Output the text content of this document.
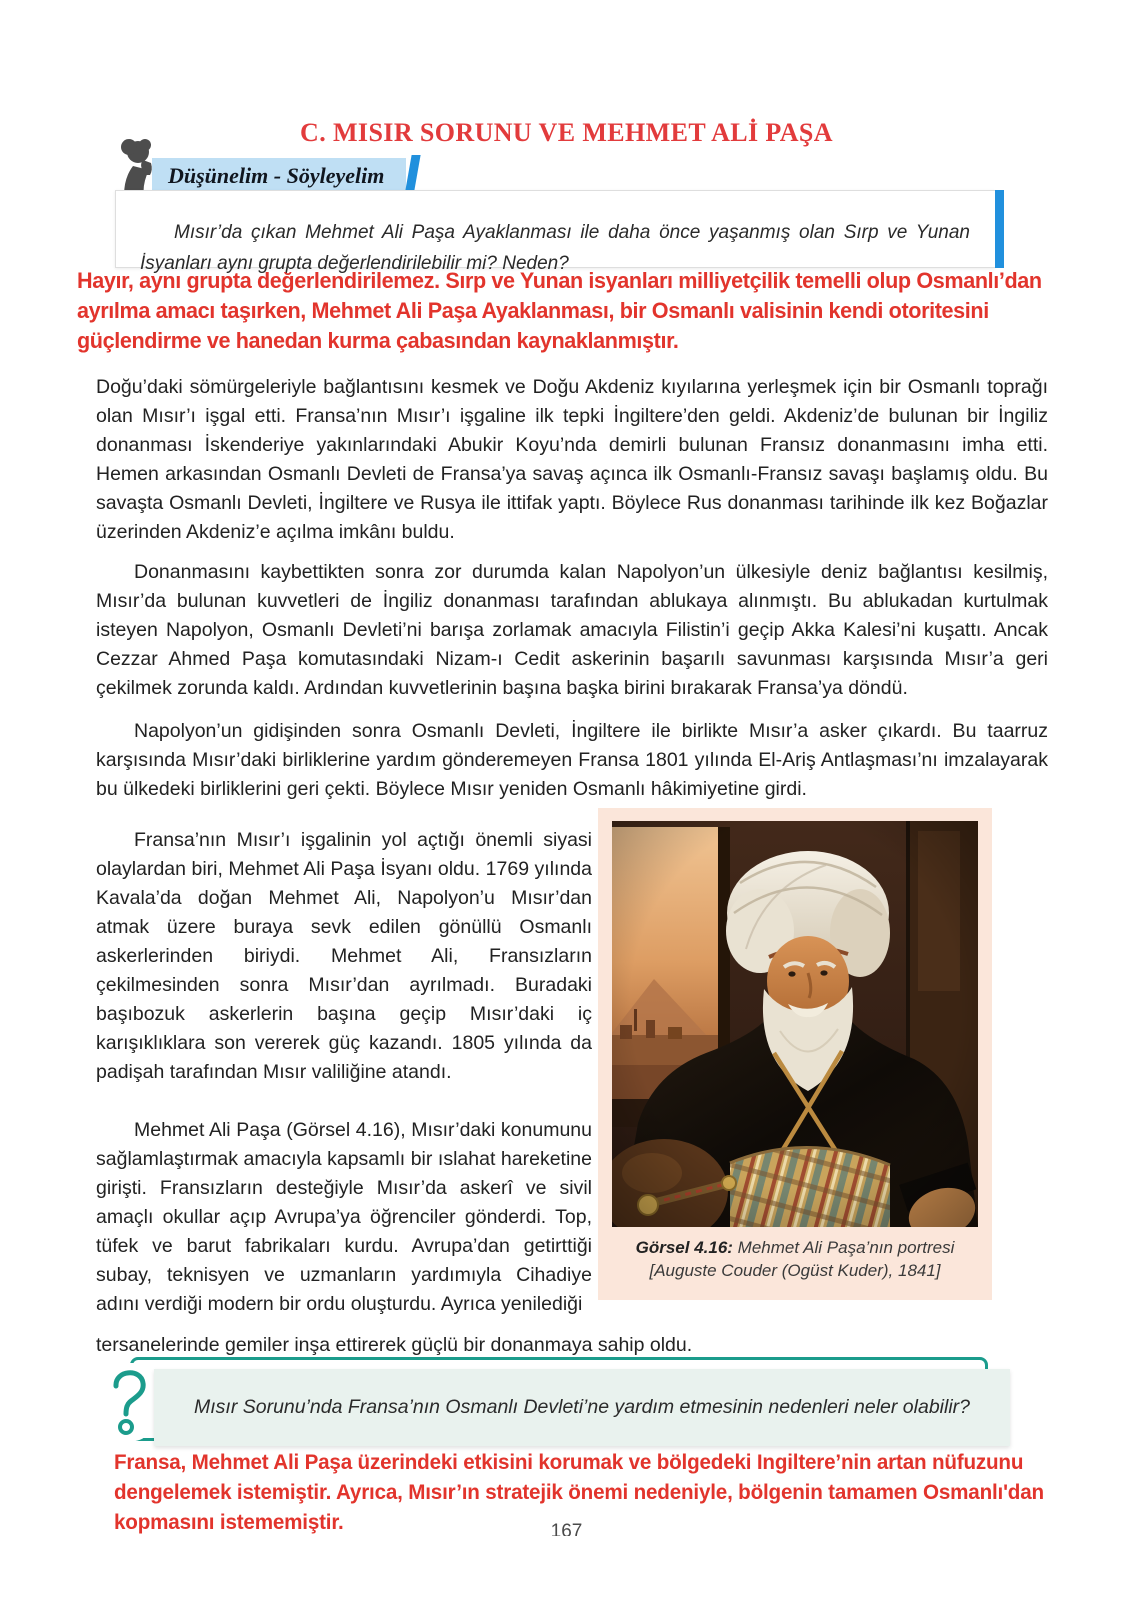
C. MISIR SORUNU VE MEHMET ALİ PAŞA
Düşünelim - Söyleyelim

Mısır’da çıkan Mehmet Ali Paşa Ayaklanması ile daha önce yaşanmış olan Sırp ve Yunan İsyanları aynı grupta değerlendirilebilir mi? Neden?

Hayır, aynı grupta değerlendirilemez. Sırp ve Yunan isyanları milliyetçilik temelli olup Osmanlı’dan ayrılma amacı taşırken, Mehmet Ali Paşa Ayaklanması, bir Osmanlı valisinin kendi otoritesini güçlendirme ve hanedan kurma çabasından kaynaklanmıştır.

Doğu’daki sömürgeleriyle bağlantısını kesmek ve Doğu Akdeniz kıyılarına yerleşmek için bir Osmanlı toprağı olan Mısır’ı işgal etti. Fransa’nın Mısır’ı işgaline ilk tepki İngiltere’den geldi. Akdeniz’de bulunan bir İngiliz donanması İskenderiye yakınlarındaki Abukir Koyu’nda demirli bulunan Fransız donanmasını imha etti. Hemen arkasından Osmanlı Devleti de Fransa’ya savaş açınca ilk Osmanlı-Fransız savaşı başlamış oldu. Bu savaşta Osmanlı Devleti, İngiltere ve Rusya ile ittifak yaptı. Böylece Rus donanması tarihinde ilk kez Boğazlar üzerinden Akdeniz’e açılma imkânı buldu.

Donanmasını kaybettikten sonra zor durumda kalan Napolyon’un ülkesiyle deniz bağlantısı kesilmiş, Mısır’da bulunan kuvvetleri de İngiliz donanması tarafından ablukaya alınmıştı. Bu ablukadan kurtulmak isteyen Napolyon, Osmanlı Devleti’ni barışa zorlamak amacıyla Filistin’i geçip Akka Kalesi’ni kuşattı. Ancak Cezzar Ahmed Paşa komutasındaki Nizam-ı Cedit askerinin başarılı savunması karşısında Mısır’a geri çekilmek zorunda kaldı. Ardından kuvvetlerinin başına başka birini bırakarak Fransa’ya döndü.

Napolyon’un gidişinden sonra Osmanlı Devleti, İngiltere ile birlikte Mısır’a asker çıkardı. Bu taarruz karşısında Mısır’daki birliklerine yardım gönderemeyen Fransa 1801 yılında El-Ariş Antlaşması’nı imzalayarak bu ülkedeki birliklerini geri çekti. Böylece Mısır yeniden Osmanlı hâkimiyetine girdi.

Fransa’nın Mısır’ı işgalinin yol açtığı önemli siyasi olaylardan biri, Mehmet Ali Paşa İsyanı oldu. 1769 yılında Kavala’da doğan Mehmet Ali, Napolyon’u Mısır’dan atmak üzere buraya sevk edilen gönüllü Osmanlı askerlerinden biriydi. Mehmet Ali, Fransızların çekilmesinden sonra Mısır’dan ayrılmadı. Buradaki başıbozuk askerlerin başına geçip Mısır’daki iç karışıklıklara son vererek güç kazandı. 1805 yılında da padişah tarafından Mısır valiliğine atandı.

Mehmet Ali Paşa (Görsel 4.16), Mısır’daki konumunu sağlamlaştırmak amacıyla kapsamlı bir ıslahat hareketine girişti. Fransızların desteğiyle Mısır’da askerî ve sivil amaçlı okullar açıp Avrupa’ya öğrenciler gönderdi. Top, tüfek ve barut fabrikaları kurdu. Avrupa’dan getirttiği subay, teknisyen ve uzmanların yardımıyla Cihadiye adını verdiği modern bir ordu oluşturdu. Ayrıca yenilediği

tersanelerinde gemiler inşa ettirerek güçlü bir donanmaya sahip oldu.

Görsel 4.16: Mehmet Ali Paşa’nın portresi [Auguste Couder (Ogüst Kuder), 1841]
Mısır Sorunu’nda Fransa’nın Osmanlı Devleti’ne yardım etmesinin nedenleri neler olabilir?
Fransa, Mehmet Ali Paşa üzerindeki etkisini korumak ve bölgedeki Ingiltere’nin artan nüfuzunu dengelemek istemiştir. Ayrıca, Mısır’ın stratejik önemi nedeniyle, bölgenin tamamen Osmanlı'dan kopmasını istememiştir.	167
